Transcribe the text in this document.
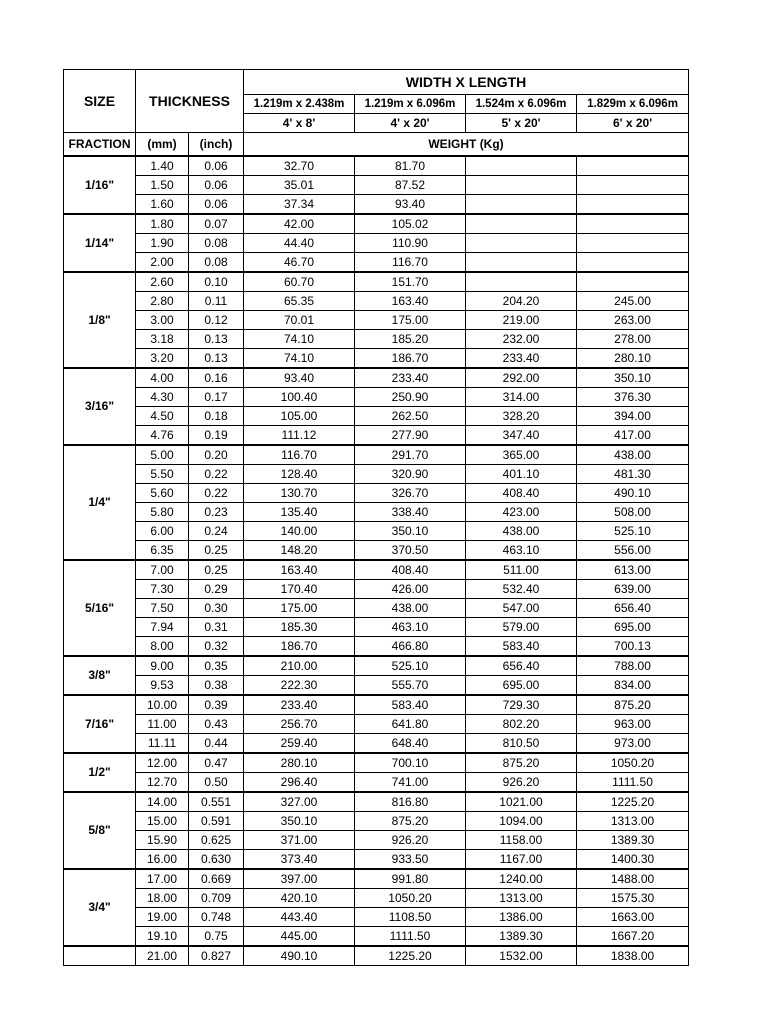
SIZE	THICKNESS		WIDTH X LENGTH			
			1.219m x 2.438m	1.219m x 6.096m	1.524m x 6.096m	1.829m x 6.096m
			4' x 8'	4' x 20'	5' x 20'	6' x 20'
FRACTION	(mm)	(inch)	WEIGHT (Kg)			
1/16"	1.40	0.06	32.70	81.70		
	1.50	0.06	35.01	87.52		
	1.60	0.06	37.34	93.40		
1/14"	1.80	0.07	42.00	105.02		
	1.90	0.08	44.40	110.90		
	2.00	0.08	46.70	116.70		
1/8"	2.60	0.10	60.70	151.70		
	2.80	0.11	65.35	163.40	204.20	245.00
	3.00	0.12	70.01	175.00	219.00	263.00
	3.18	0.13	74.10	185.20	232.00	278.00
	3.20	0.13	74.10	186.70	233.40	280.10
3/16"	4.00	0.16	93.40	233.40	292.00	350.10
	4.30	0.17	100.40	250.90	314.00	376.30
	4.50	0.18	105.00	262.50	328.20	394.00
	4.76	0.19	111.12	277.90	347.40	417.00
1/4"	5.00	0.20	116.70	291.70	365.00	438.00
	5.50	0.22	128.40	320.90	401.10	481.30
	5.60	0.22	130.70	326.70	408.40	490.10
	5.80	0.23	135.40	338.40	423.00	508.00
	6.00	0.24	140.00	350.10	438.00	525.10
	6.35	0.25	148.20	370.50	463.10	556.00
5/16"	7.00	0.25	163.40	408.40	511.00	613.00
	7.30	0.29	170.40	426.00	532.40	639.00
	7.50	0.30	175.00	438.00	547.00	656.40
	7.94	0.31	185.30	463.10	579.00	695.00
	8.00	0.32	186.70	466.80	583.40	700.13
3/8"	9.00	0.35	210.00	525.10	656.40	788.00
	9.53	0.38	222.30	555.70	695.00	834.00
7/16"	10.00	0.39	233.40	583.40	729.30	875.20
	11.00	0.43	256.70	641.80	802.20	963.00
	11.11	0.44	259.40	648.40	810.50	973.00
1/2"	12.00	0.47	280.10	700.10	875.20	1050.20
	12.70	0.50	296.40	741.00	926.20	1111.50
5/8"	14.00	0.551	327.00	816.80	1021.00	1225.20
	15.00	0.591	350.10	875.20	1094.00	1313.00
	15.90	0.625	371.00	926.20	1158.00	1389.30
	16.00	0.630	373.40	933.50	1167.00	1400.30
3/4"	17.00	0.669	397.00	991.80	1240.00	1488.00
	18.00	0.709	420.10	1050.20	1313.00	1575.30
	19.00	0.748	443.40	1108.50	1386.00	1663.00
	19.10	0.75	445.00	1111.50	1389.30	1667.20
	21.00	0.827	490.10	1225.20	1532.00	1838.00
